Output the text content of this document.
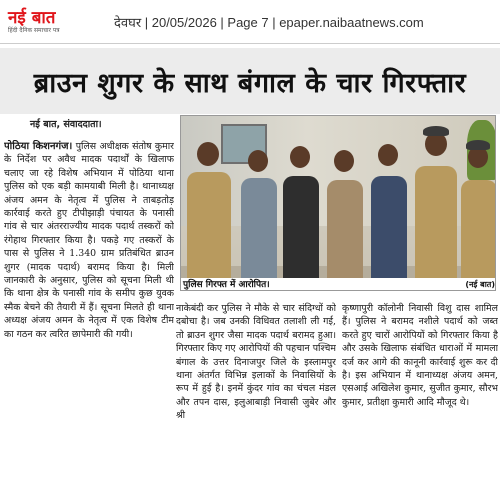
नई बात
हिंदी दैनिक समाचार पत्र
देवघर | 20/05/2026 | Page 7 | epaper.naibaatnews.com
ब्राउन शुगर के साथ बंगाल के चार गिरफ्तार
नई बात, संवाददाता।
पोठिया किशनगंज। पुलिस अधीक्षक संतोष कुमार के निर्देश पर अवैध मादक पदार्थों के खिलाफ चलाए जा रहे विशेष अभियान में पोठिया थाना पुलिस को एक बड़ी कामयाबी मिली है। थानाध्यक्ष अंजय अमन के नेतृत्व में पुलिस ने ताबड़तोड़ कार्रवाई करते हुए टीपीझाड़ी पंचायत के पनासी गांव से चार अंतरराज्यीय मादक पदार्थ तस्करों को रंगेहाथ गिरफ्तार किया है। पकड़े गए तस्करों के पास से पुलिस ने 1.340 ग्राम प्रतिबंधित ब्राउन शुगर (मादक पदार्थ) बरामद किया है। मिली जानकारी के अनुसार, पुलिस को सूचना मिली थी कि थाना क्षेत्र के पनासी गांव के समीप कुछ युवक स्मैक बेचने की तैयारी में हैं। सूचना मिलते ही थाना अध्यक्ष अंजय अमन के नेतृत्व में एक विशेष टीम का गठन कर त्वरित छापेमारी की गयी।
पुलिस गिरफ्त में आरोपित।	(नई बात)
नाकेबंदी कर पुलिस ने मौके से चार संदिग्धों को दबोचा है। जब उनकी विधिवत तलाशी ली गई, तो ब्राउन शुगर जैसा मादक पदार्थ बरामद हुआ। गिरफ्तार किए गए आरोपियों की पहचान पश्चिम बंगाल के उत्तर दिनाजपुर जिले के इस्लामपुर थाना अंतर्गत विभिन्न इलाकों के निवासियों के रूप में हुई है। इनमें कुंदर गांव का चंचल मंडल और तपन दास, इलुआबाड़ी निवासी जुबेर और श्री
कृष्णापुरी कॉलोनी निवासी विशु दास शामिल हैं। पुलिस ने बरामद नशीले पदार्थ को जब्त करते हुए चारों आरोपियों को गिरफ्तार किया है और उसके खिलाफ संबंधित धाराओं में मामला दर्ज कर आगे की कानूनी कार्रवाई शुरू कर दी है। इस अभियान में थानाध्यक्ष अंजय अमन, एसआई अखिलेश कुमार, सुजीत कुमार, सौरभ कुमार, प्रतीक्षा कुमारी आदि मौजूद थे।
